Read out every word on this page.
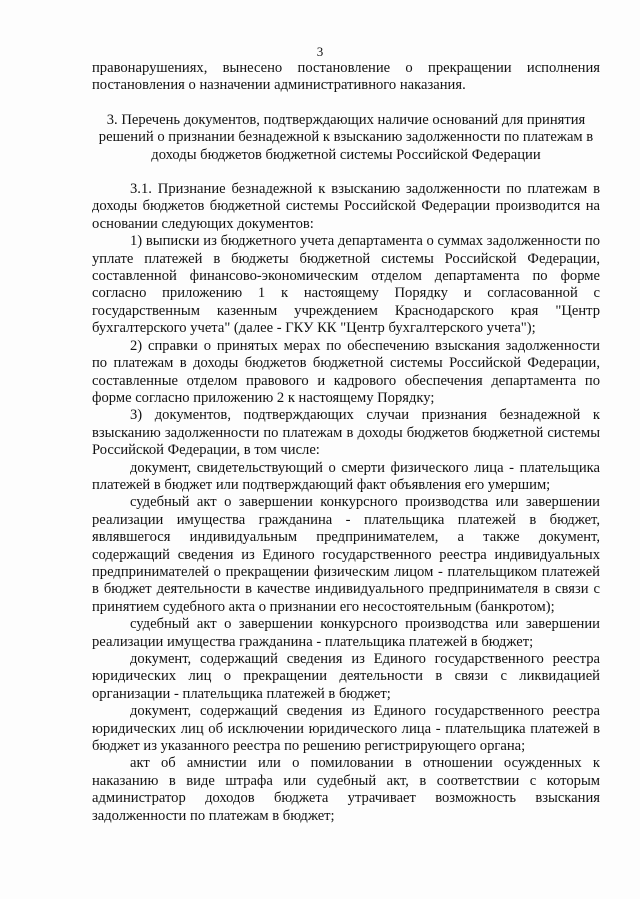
3

правонарушениях, вынесено постановление о прекращении исполнения постановления о назначении административного наказания.

3. Перечень документов, подтверждающих наличие оснований для принятия решений о признании безнадежной к взысканию задолженности по платежам в доходы бюджетов бюджетной системы Российской Федерации

3.1. Признание безнадежной к взысканию задолженности по платежам в доходы бюджетов бюджетной системы Российской Федерации производится на основании следующих документов:

1) выписки из бюджетного учета департамента о суммах задолженности по уплате платежей в бюджеты бюджетной системы Российской Федерации, составленной финансово-экономическим отделом департамента по форме согласно приложению 1 к настоящему Порядку и согласованной с государственным казенным учреждением Краснодарского края "Центр бухгалтерского учета" (далее - ГКУ КК "Центр бухгалтерского учета");

2) справки о принятых мерах по обеспечению взыскания задолженности по платежам в доходы бюджетов бюджетной системы Российской Федерации, составленные отделом правового и кадрового обеспечения департамента по форме согласно приложению 2 к настоящему Порядку;

3) документов, подтверждающих случаи признания безнадежной к взысканию задолженности по платежам в доходы бюджетов бюджетной системы Российской Федерации, в том числе:

документ, свидетельствующий о смерти физического лица - плательщика платежей в бюджет или подтверждающий факт объявления его умершим;

судебный акт о завершении конкурсного производства или завершении реализации имущества гражданина - плательщика платежей в бюджет, являвшегося индивидуальным предпринимателем, а также документ, содержащий сведения из Единого государственного реестра индивидуальных предпринимателей о прекращении физическим лицом - плательщиком платежей в бюджет деятельности в качестве индивидуального предпринимателя в связи с принятием судебного акта о признании его несостоятельным (банкротом);

судебный акт о завершении конкурсного производства или завершении реализации имущества гражданина - плательщика платежей в бюджет;

документ, содержащий сведения из Единого государственного реестра юридических лиц о прекращении деятельности в связи с ликвидацией организации - плательщика платежей в бюджет;

документ, содержащий сведения из Единого государственного реестра юридических лиц об исключении юридического лица - плательщика платежей в бюджет из указанного реестра по решению регистрирующего органа;

акт об амнистии или о помиловании в отношении осужденных к наказанию в виде штрафа или судебный акт, в соответствии с которым администратор доходов бюджета утрачивает возможность взыскания задолженности по платежам в бюджет;
